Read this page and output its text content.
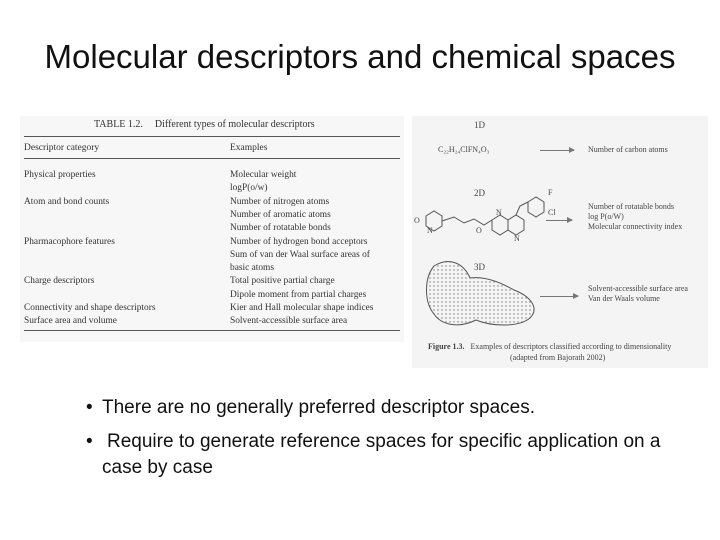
Molecular descriptors and chemical spaces
TABLE 1.2. Different types of molecular descriptors
Descriptor category	Examples
Physical properties	Molecular weight
logP(o/w)
Atom and bond counts	Number of nitrogen atoms
Number of aromatic atoms
Number of rotatable bonds
Pharmacophore features	Number of hydrogen bond acceptors
Sum of van der Waal surface areas of
basic atoms
Charge descriptors	Total positive partial charge
Dipole moment from partial charges
Connectivity and shape descriptors	Kier and Hall molecular shape indices
Surface area and volume	Solvent-accessible surface area
1D
C₂₂H₂₄ClFN₄O₃	Number of carbon atoms
2D
O
N	O
N
N
F
Cl
Number of rotatable bonds
log P(o/W)
Molecular connectivity index
3D
Solvent-accessible surface area
Van der Waals volume
Figure 1.3. Examples of descriptors classified according to dimensionality
(adapted from Bajorath 2002)
• There are no generally preferred descriptor spaces.
• Require to generate reference spaces for specific application on a case by case
